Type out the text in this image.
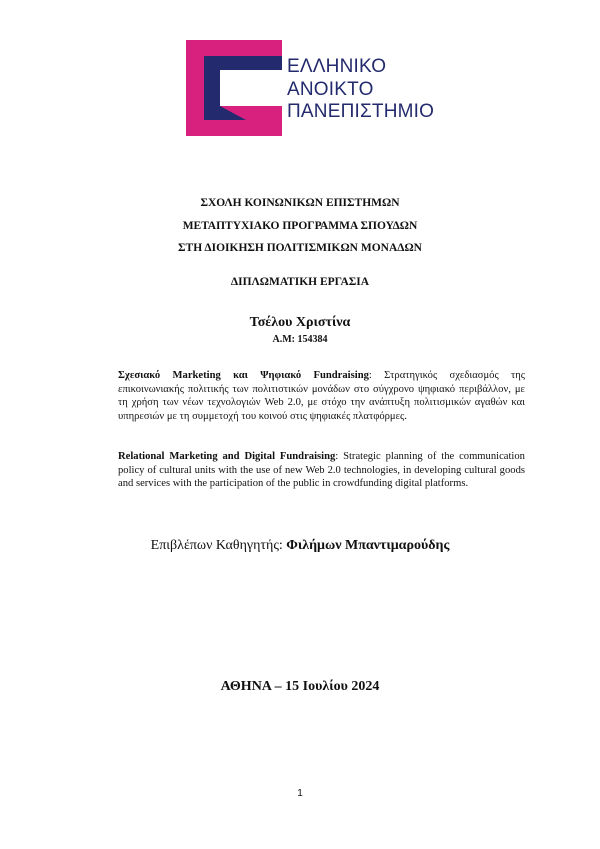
ΕΛΛΗΝΙΚΟ
ΑΝΟΙΚΤΟ
ΠΑΝΕΠΙΣΤΗΜΙΟ
ΣΧΟΛΗ ΚΟΙΝΩΝΙΚΩΝ ΕΠΙΣΤΗΜΩΝ
ΜΕΤΑΠΤΥΧΙΑΚΟ ΠΡΟΓΡΑΜΜΑ ΣΠΟΥΔΩΝ
ΣΤΗ ΔΙΟΙΚΗΣΗ ΠΟΛΙΤΙΣΜΙΚΩΝ ΜΟΝΑΔΩΝ
ΔΙΠΛΩΜΑΤΙΚΗ ΕΡΓΑΣΙΑ
Τσέλου Χριστίνα
Α.Μ: 154384

Σχεσιακό Marketing και Ψηφιακό Fundraising: Στρατηγικός σχεδιασμός της επικοινωνιακής πολιτικής των πολιτιστικών μονάδων στο σύγχρονο ψηφιακό περιβάλλον, με τη χρήση των νέων τεχνολογιών Web 2.0, με στόχο την ανάπτυξη πολιτισμικών αγαθών και υπηρεσιών με τη συμμετοχή του κοινού στις ψηφιακές πλατφόρμες.

Relational Marketing and Digital Fundraising: Strategic planning of the communication policy of cultural units with the use of new Web 2.0 technologies, in developing cultural goods and services with the participation of the public in crowdfunding digital platforms.

Επιβλέπων Καθηγητής: Φιλήμων Μπαντιμαρούδης
ΑΘΗΝΑ – 15 Ιουλίου 2024
1
